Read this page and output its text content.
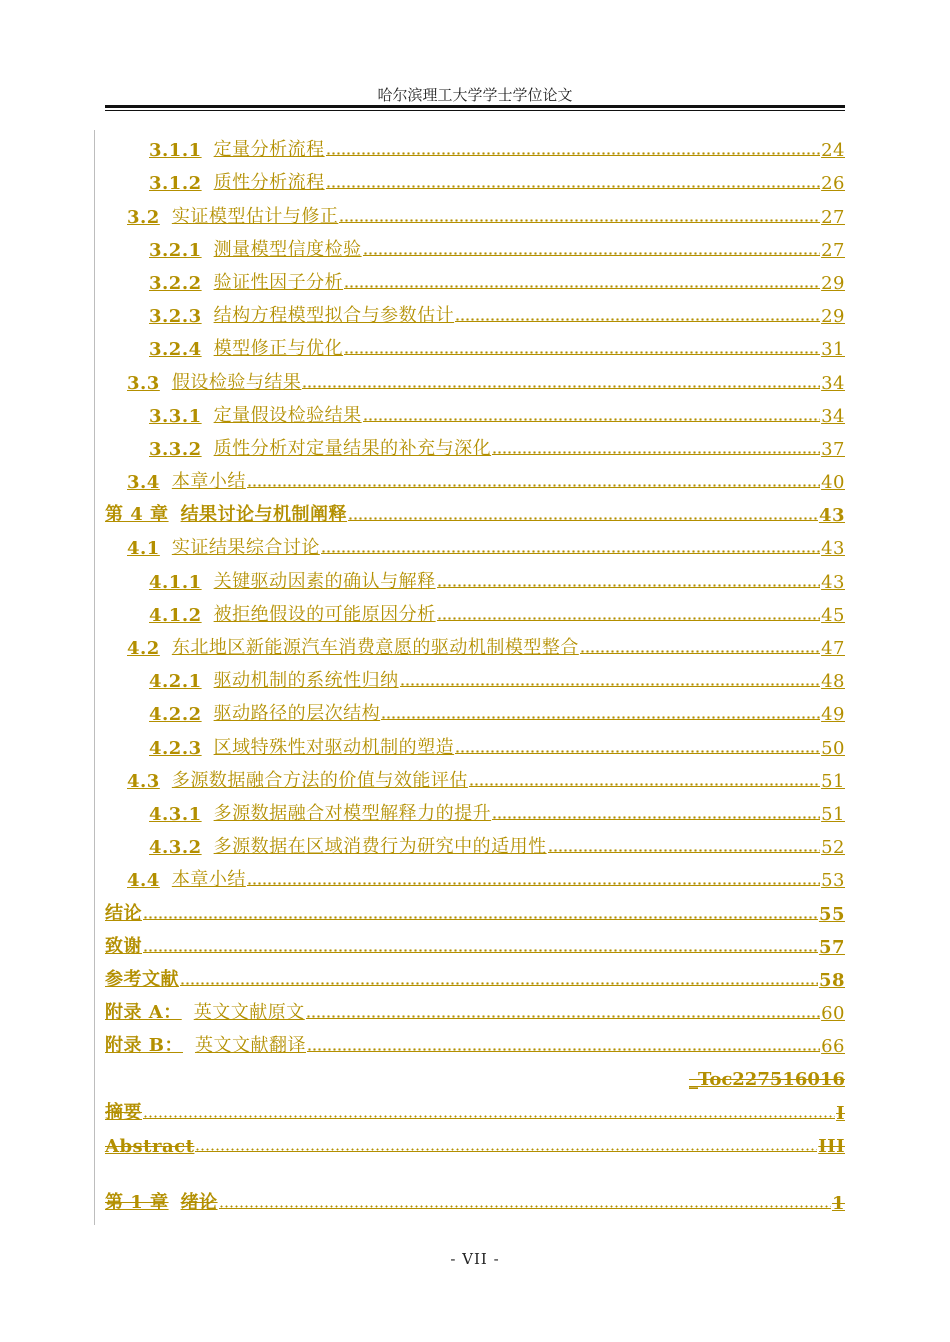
哈尔滨理工大学学士学位论文
3.1.1 定量分析流程	24
3.1.2 质性分析流程	26
3.2 实证模型估计与修正	27
3.2.1 测量模型信度检验	27
3.2.2 验证性因子分析	29
3.2.3 结构方程模型拟合与参数估计	29
3.2.4 模型修正与优化	31
3.3 假设检验与结果	34
3.3.1 定量假设检验结果	34
3.3.2 质性分析对定量结果的补充与深化	37
3.4 本章小结	40
第 4 章 结果讨论与机制阐释	43
4.1 实证结果综合讨论	43
4.1.1 关键驱动因素的确认与解释	43
4.1.2 被拒绝假设的可能原因分析	45
4.2 东北地区新能源汽车消费意愿的驱动机制模型整合	47
4.2.1 驱动机制的系统性归纳	48
4.2.2 驱动路径的层次结构	49
4.2.3 区域特殊性对驱动机制的塑造	50
4.3 多源数据融合方法的价值与效能评估	51
4.3.1 多源数据融合对模型解释力的提升	51
4.3.2 多源数据在区域消费行为研究中的适用性	52
4.4 本章小结	53
结论	55
致谢	57
参考文献	58
附录 A： 英文文献原文	60
附录 B： 英文文献翻译	66
_Toc227516016
摘要	I
Abstract	III
第 1 章 绪论	1
- VII -
